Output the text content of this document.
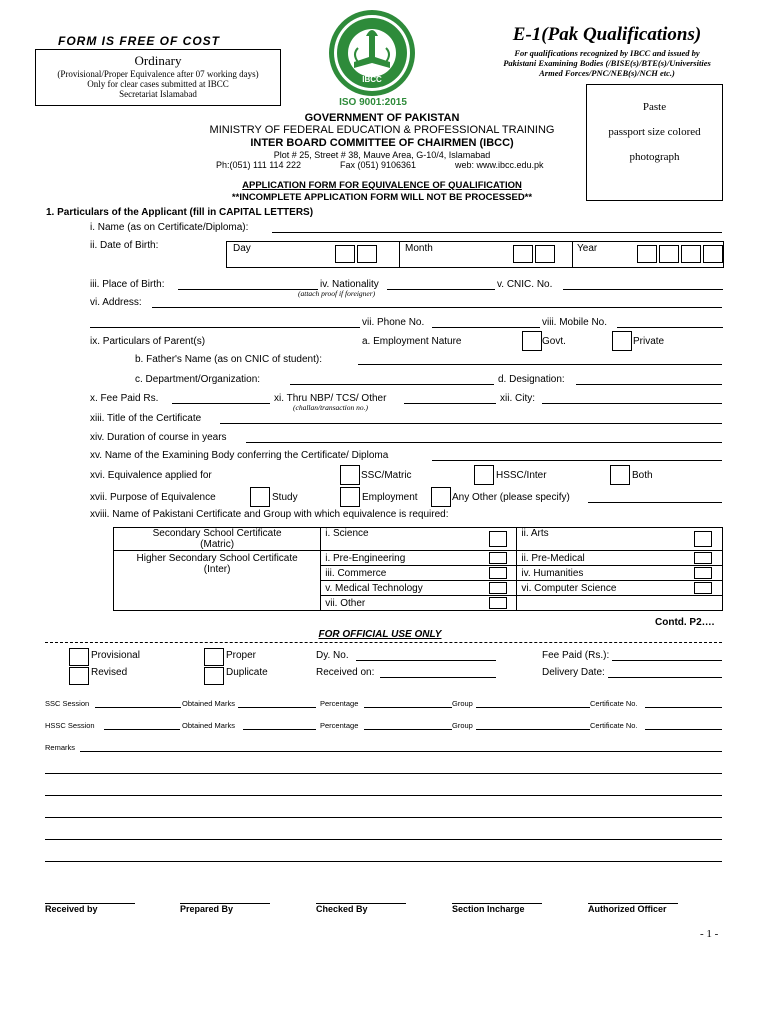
FORM IS FREE OF COST
Ordinary
(Provisional/Proper Equivalence after 07 working days)
Only for clear cases submitted at IBCC
Secretariat Islamabad
IBCC
ISO 9001:2015
E-1(Pak Qualifications)
For qualifications recognized by IBCC and issued by
Pakistani Examining Bodies (/BISE(s)/BTE(s)/Universities
Armed Forces/PNC/NEB(s)/NCH etc.)
Paste
passport size colored
photograph
GOVERNMENT OF PAKISTAN
MINISTRY OF FEDERAL EDUCATION & PROFESSIONAL TRAINING
INTER BOARD COMMITTEE OF CHAIRMEN (IBCC)
Plot # 25, Street # 38, Mauve Area, G-10/4, Islamabad
Ph:(051) 111 114 222	Fax (051) 9106361	web: www.ibcc.edu.pk
APPLICATION FORM FOR EQUIVALENCE OF QUALIFICATION
**INCOMPLETE APPLICATION FORM WILL NOT BE PROCESSED**
1. Particulars of the Applicant (fill in CAPITAL LETTERS)
i. Name (as on Certificate/Diploma):
ii. Date of Birth:	Day	Month	Year
iii. Place of Birth:	iv. Nationality
(attach proof if foreigner)
v. CNIC. No.
vi. Address:
vii. Phone No.	viii. Mobile No.
ix. Particulars of Parent(s)	a. Employment Nature	Govt.	Private
b. Father's Name (as on CNIC of student):
c. Department/Organization:	d. Designation:
x. Fee Paid Rs.	xi. Thru NBP/ TCS/ Other
(challan/transaction no.)
xii. City:
xiii. Title of the Certificate
xiv. Duration of course in years
xv. Name of the Examining Body conferring the Certificate/ Diploma
xvi. Equivalence applied for	SSC/Matric	HSSC/Inter	Both
xvii. Purpose of Equivalence	Study	Employment	Any Other (please specify)
xviii. Name of Pakistani Certificate and Group with which equivalence is required:
Secondary School Certificate
(Matric)	i. Science		ii. Arts	

Higher Secondary School Certificate
(Inter)	i. Pre-Engineering		ii. Pre-Medical	

	iii. Commerce		iv. Humanities	

	v. Medical Technology		vi. Computer Science	

	vii. Other		

Contd. P2….
FOR OFFICIAL USE ONLY
Provisional
Revised
Proper
Duplicate
Dy. No.
Received on:
Fee Paid (Rs.):
Delivery Date:
SSC Session	Obtained Marks	Percentage	Group	Certificate No.
HSSC Session	Obtained Marks	Percentage	Group	Certificate No.
Remarks
Received by	Prepared By	Checked By	Section Incharge	Authorized Officer
- 1 -
